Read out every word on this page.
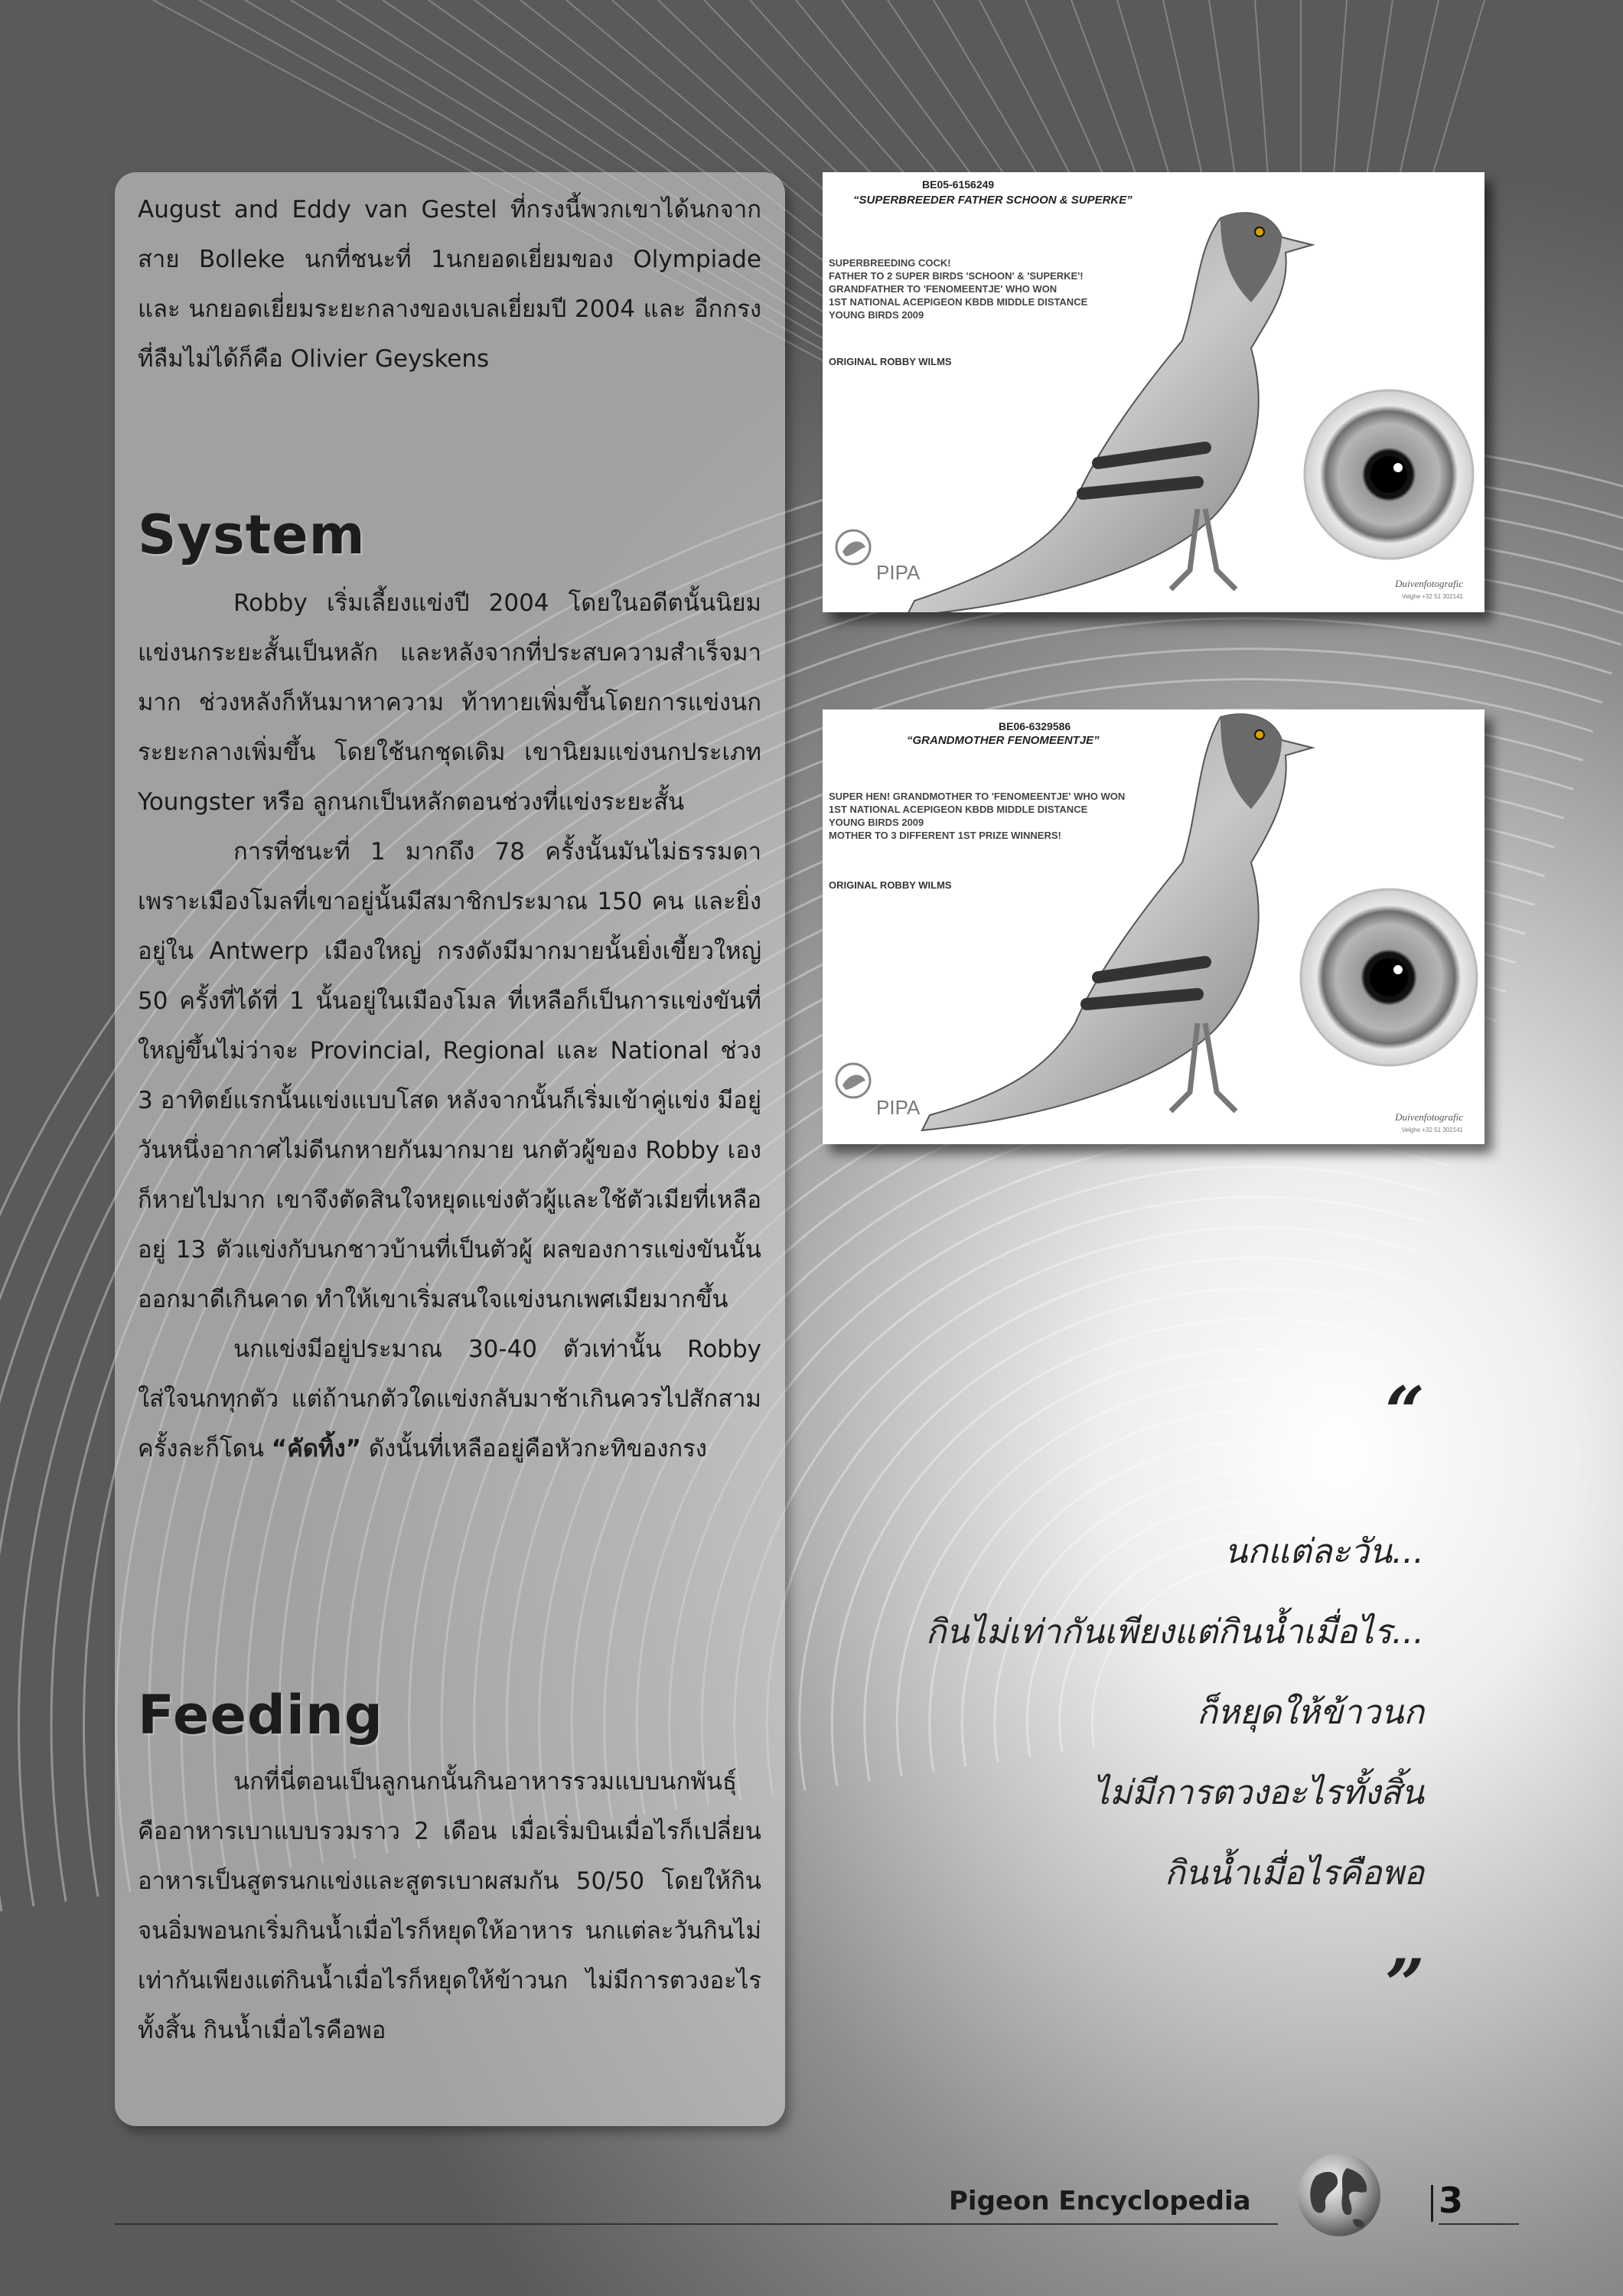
August and Eddy van Gestel ที่กรงนี้พวกเขาได้นกจากสาย Bolleke นกที่ชนะที่ 1นกยอดเยี่ยมของ Olympiade และ นกยอดเยี่ยมระยะกลางของเบลเยี่ยมปี 2004 และ อีกกรงที่ลืมไม่ได้ก็คือ Olivier Geyskens

System

Robby เริ่มเลี้ยงแข่งปี 2004 โดยในอดีตนั้นนิยมแข่งนกระยะสั้นเป็นหลัก และหลังจากที่ประสบความสำเร็จมามาก ช่วงหลังก็หันมาหาความ ท้าทายเพิ่มขึ้นโดยการแข่งนกระยะกลางเพิ่มขึ้น โดยใช้นกชุดเดิม เขานิยมแข่งนกประเภท Youngster หรือ ลูกนกเป็นหลักตอนช่วงที่แข่งระยะสั้น

การที่ชนะที่ 1 มากถึง 78 ครั้งนั้นมันไม่ธรรมดาเพราะเมืองโมลที่เขาอยู่นั้นมีสมาชิกประมาณ 150 คน และยิ่งอยู่ใน Antwerp เมืองใหญ่ กรงดังมีมากมายนั้นยิ่งเขี้ยวใหญ่ 50 ครั้งที่ได้ที่ 1 นั้นอยู่ในเมืองโมล ที่เหลือก็เป็นการแข่งขันที่ใหญ่ขึ้นไม่ว่าจะ Provincial, Regional และ National ช่วง 3 อาทิตย์แรกนั้นแข่งแบบโสด หลังจากนั้นก็เริ่มเข้าคู่แข่ง มีอยู่วันหนึ่งอากาศไม่ดีนกหายกันมากมาย นกตัวผู้ของ Robby เองก็หายไปมาก เขาจึงตัดสินใจหยุดแข่งตัวผู้และใช้ตัวเมียที่เหลืออยู่ 13 ตัวแข่งกับนกชาวบ้านที่เป็นตัวผู้ ผลของการแข่งขันนั้นออกมาดีเกินคาด ทำให้เขาเริ่มสนใจแข่งนกเพศเมียมากขึ้น

นกแข่งมีอยู่ประมาณ 30-40 ตัวเท่านั้น Robby ใส่ใจนกทุกตัว แต่ถ้านกตัวใดแข่งกลับมาช้าเกินควรไปสักสามครั้งละก็โดน “คัดทิ้ง” ดังนั้นที่เหลืออยู่คือหัวกะทิของกรง

Feeding

นกที่นี่ตอนเป็นลูกนกนั้นกินอาหารรวมแบบนกพันธุ์คืออาหารเบาแบบรวมราว 2 เดือน เมื่อเริ่มบินเมื่อไรก็เปลี่ยนอาหารเป็นสูตรนกแข่งและสูตรเบาผสมกัน 50/50 โดยให้กินจนอิ่มพอนกเริ่มกินน้ำเมื่อไรก็หยุดให้อาหาร นกแต่ละวันกินไม่เท่ากันเพียงแต่กินน้ำเมื่อไรก็หยุดให้ข้าวนก ไม่มีการตวงอะไรทั้งสิ้น กินน้ำเมื่อไรคือพอ

BE05-6156249
“SUPERBREEDER FATHER SCHOON & SUPERKE”
SUPERBREEDING COCK!
FATHER TO 2 SUPER BIRDS 'SCHOON' & 'SUPERKE'!
GRANDFATHER TO 'FENOMEENTJE' WHO WON
1ST NATIONAL ACEPIGEON KBDB MIDDLE DISTANCE
YOUNG BIRDS 2009
ORIGINAL ROBBY WILMS
PIPA	Duivenfotografic
Velghe +32 51 302141
BE06-6329586
“GRANDMOTHER FENOMEENTJE”
SUPER HEN! GRANDMOTHER TO 'FENOMEENTJE' WHO WON
1ST NATIONAL ACEPIGEON KBDB MIDDLE DISTANCE
YOUNG BIRDS 2009
MOTHER TO 3 DIFFERENT 1ST PRIZE WINNERS!
ORIGINAL ROBBY WILMS
PIPA	Duivenfotografic
Velghe +32 51 302141
“
นกแต่ละวัน...
กินไม่เท่ากันเพียงแต่กินน้ำเมื่อไร...
ก็หยุดให้ข้าวนก
ไม่มีการตวงอะไรทั้งสิ้น
กินน้ำเมื่อไรคือพอ
”
Pigeon Encyclopedia	3
